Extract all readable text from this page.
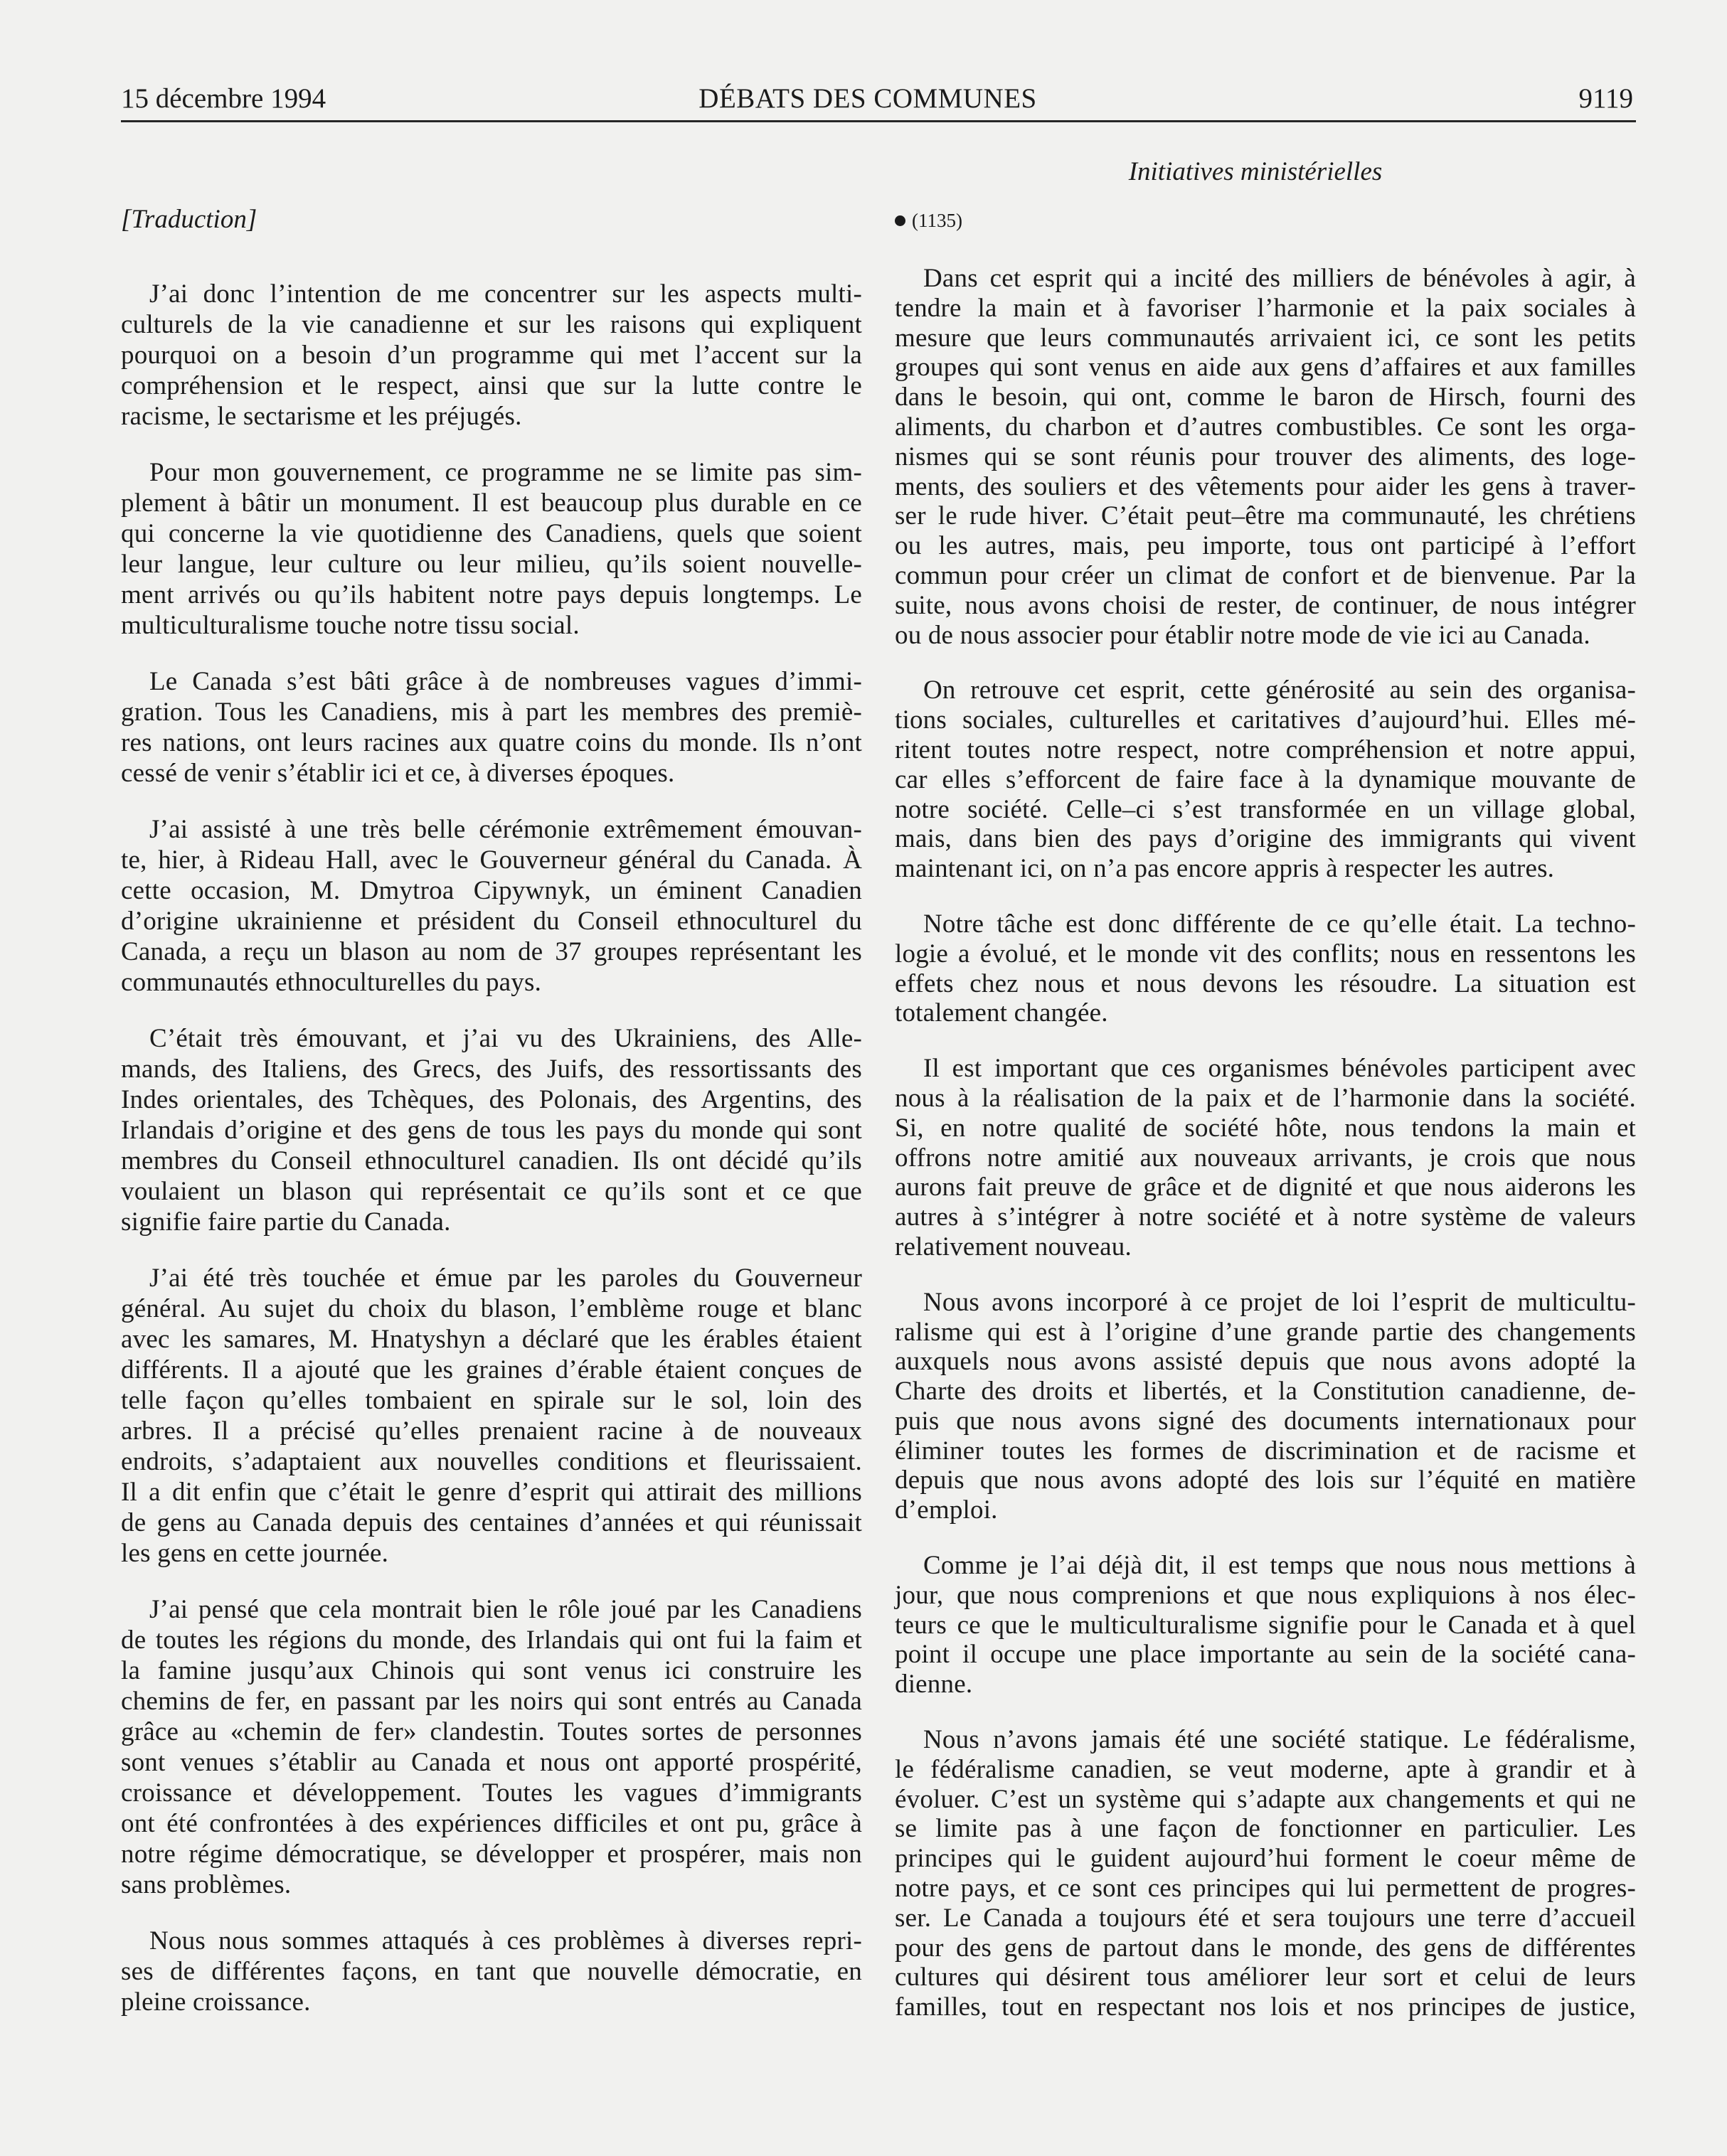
15 décembre 1994	DÉBATS DES COMMUNES	9119
Initiatives ministérielles
[Traduction]	(1135)
J’ai donc l’intention de me concentrer sur les aspects multi-
culturels de la vie canadienne et sur les raisons qui expliquent
pourquoi on a besoin d’un programme qui met l’accent sur la
compréhension et le respect, ainsi que sur la lutte contre le
racisme, le sectarisme et les préjugés.
Pour mon gouvernement, ce programme ne se limite pas sim-
plement à bâtir un monument. Il est beaucoup plus durable en ce
qui concerne la vie quotidienne des Canadiens, quels que soient
leur langue, leur culture ou leur milieu, qu’ils soient nouvelle-
ment arrivés ou qu’ils habitent notre pays depuis longtemps. Le
multiculturalisme touche notre tissu social.
Le Canada s’est bâti grâce à de nombreuses vagues d’immi-
gration. Tous les Canadiens, mis à part les membres des premiè-
res nations, ont leurs racines aux quatre coins du monde. Ils n’ont
cessé de venir s’établir ici et ce, à diverses époques.
J’ai assisté à une très belle cérémonie extrêmement émouvan-
te, hier, à Rideau Hall, avec le Gouverneur général du Canada. À
cette occasion, M. Dmytroa Cipywnyk, un éminent Canadien
d’origine ukrainienne et président du Conseil ethnoculturel du
Canada, a reçu un blason au nom de 37 groupes représentant les
communautés ethnoculturelles du pays.
C’était très émouvant, et j’ai vu des Ukrainiens, des Alle-
mands, des Italiens, des Grecs, des Juifs, des ressortissants des
Indes orientales, des Tchèques, des Polonais, des Argentins, des
Irlandais d’origine et des gens de tous les pays du monde qui sont
membres du Conseil ethnoculturel canadien. Ils ont décidé qu’ils
voulaient un blason qui représentait ce qu’ils sont et ce que
signifie faire partie du Canada.
J’ai été très touchée et émue par les paroles du Gouverneur
général. Au sujet du choix du blason, l’emblème rouge et blanc
avec les samares, M. Hnatyshyn a déclaré que les érables étaient
différents. Il a ajouté que les graines d’érable étaient conçues de
telle façon qu’elles tombaient en spirale sur le sol, loin des
arbres. Il a précisé qu’elles prenaient racine à de nouveaux
endroits, s’adaptaient aux nouvelles conditions et fleurissaient.
Il a dit enfin que c’était le genre d’esprit qui attirait des millions
de gens au Canada depuis des centaines d’années et qui réunissait
les gens en cette journée.
J’ai pensé que cela montrait bien le rôle joué par les Canadiens
de toutes les régions du monde, des Irlandais qui ont fui la faim et
la famine jusqu’aux Chinois qui sont venus ici construire les
chemins de fer, en passant par les noirs qui sont entrés au Canada
grâce au «chemin de fer» clandestin. Toutes sortes de personnes
sont venues s’établir au Canada et nous ont apporté prospérité,
croissance et développement. Toutes les vagues d’immigrants
ont été confrontées à des expériences difficiles et ont pu, grâce à
notre régime démocratique, se développer et prospérer, mais non
sans problèmes.
Nous nous sommes attaqués à ces problèmes à diverses repri-
ses de différentes façons, en tant que nouvelle démocratie, en
pleine croissance.
Dans cet esprit qui a incité des milliers de bénévoles à agir, à
tendre la main et à favoriser l’harmonie et la paix sociales à
mesure que leurs communautés arrivaient ici, ce sont les petits
groupes qui sont venus en aide aux gens d’affaires et aux familles
dans le besoin, qui ont, comme le baron de Hirsch, fourni des
aliments, du charbon et d’autres combustibles. Ce sont les orga-
nismes qui se sont réunis pour trouver des aliments, des loge-
ments, des souliers et des vêtements pour aider les gens à traver-
ser le rude hiver. C’était peut–être ma communauté, les chrétiens
ou les autres, mais, peu importe, tous ont participé à l’effort
commun pour créer un climat de confort et de bienvenue. Par la
suite, nous avons choisi de rester, de continuer, de nous intégrer
ou de nous associer pour établir notre mode de vie ici au Canada.
On retrouve cet esprit, cette générosité au sein des organisa-
tions sociales, culturelles et caritatives d’aujourd’hui. Elles mé-
ritent toutes notre respect, notre compréhension et notre appui,
car elles s’efforcent de faire face à la dynamique mouvante de
notre société. Celle–ci s’est transformée en un village global,
mais, dans bien des pays d’origine des immigrants qui vivent
maintenant ici, on n’a pas encore appris à respecter les autres.
Notre tâche est donc différente de ce qu’elle était. La techno-
logie a évolué, et le monde vit des conflits; nous en ressentons les
effets chez nous et nous devons les résoudre. La situation est
totalement changée.
Il est important que ces organismes bénévoles participent avec
nous à la réalisation de la paix et de l’harmonie dans la société.
Si, en notre qualité de société hôte, nous tendons la main et
offrons notre amitié aux nouveaux arrivants, je crois que nous
aurons fait preuve de grâce et de dignité et que nous aiderons les
autres à s’intégrer à notre société et à notre système de valeurs
relativement nouveau.
Nous avons incorporé à ce projet de loi l’esprit de multicultu-
ralisme qui est à l’origine d’une grande partie des changements
auxquels nous avons assisté depuis que nous avons adopté la
Charte des droits et libertés, et la Constitution canadienne, de-
puis que nous avons signé des documents internationaux pour
éliminer toutes les formes de discrimination et de racisme et
depuis que nous avons adopté des lois sur l’équité en matière
d’emploi.
Comme je l’ai déjà dit, il est temps que nous nous mettions à
jour, que nous comprenions et que nous expliquions à nos élec-
teurs ce que le multiculturalisme signifie pour le Canada et à quel
point il occupe une place importante au sein de la société cana-
dienne.
Nous n’avons jamais été une société statique. Le fédéralisme,
le fédéralisme canadien, se veut moderne, apte à grandir et à
évoluer. C’est un système qui s’adapte aux changements et qui ne
se limite pas à une façon de fonctionner en particulier. Les
principes qui le guident aujourd’hui forment le coeur même de
notre pays, et ce sont ces principes qui lui permettent de progres-
ser. Le Canada a toujours été et sera toujours une terre d’accueil
pour des gens de partout dans le monde, des gens de différentes
cultures qui désirent tous améliorer leur sort et celui de leurs
familles, tout en respectant nos lois et nos principes de justice,
